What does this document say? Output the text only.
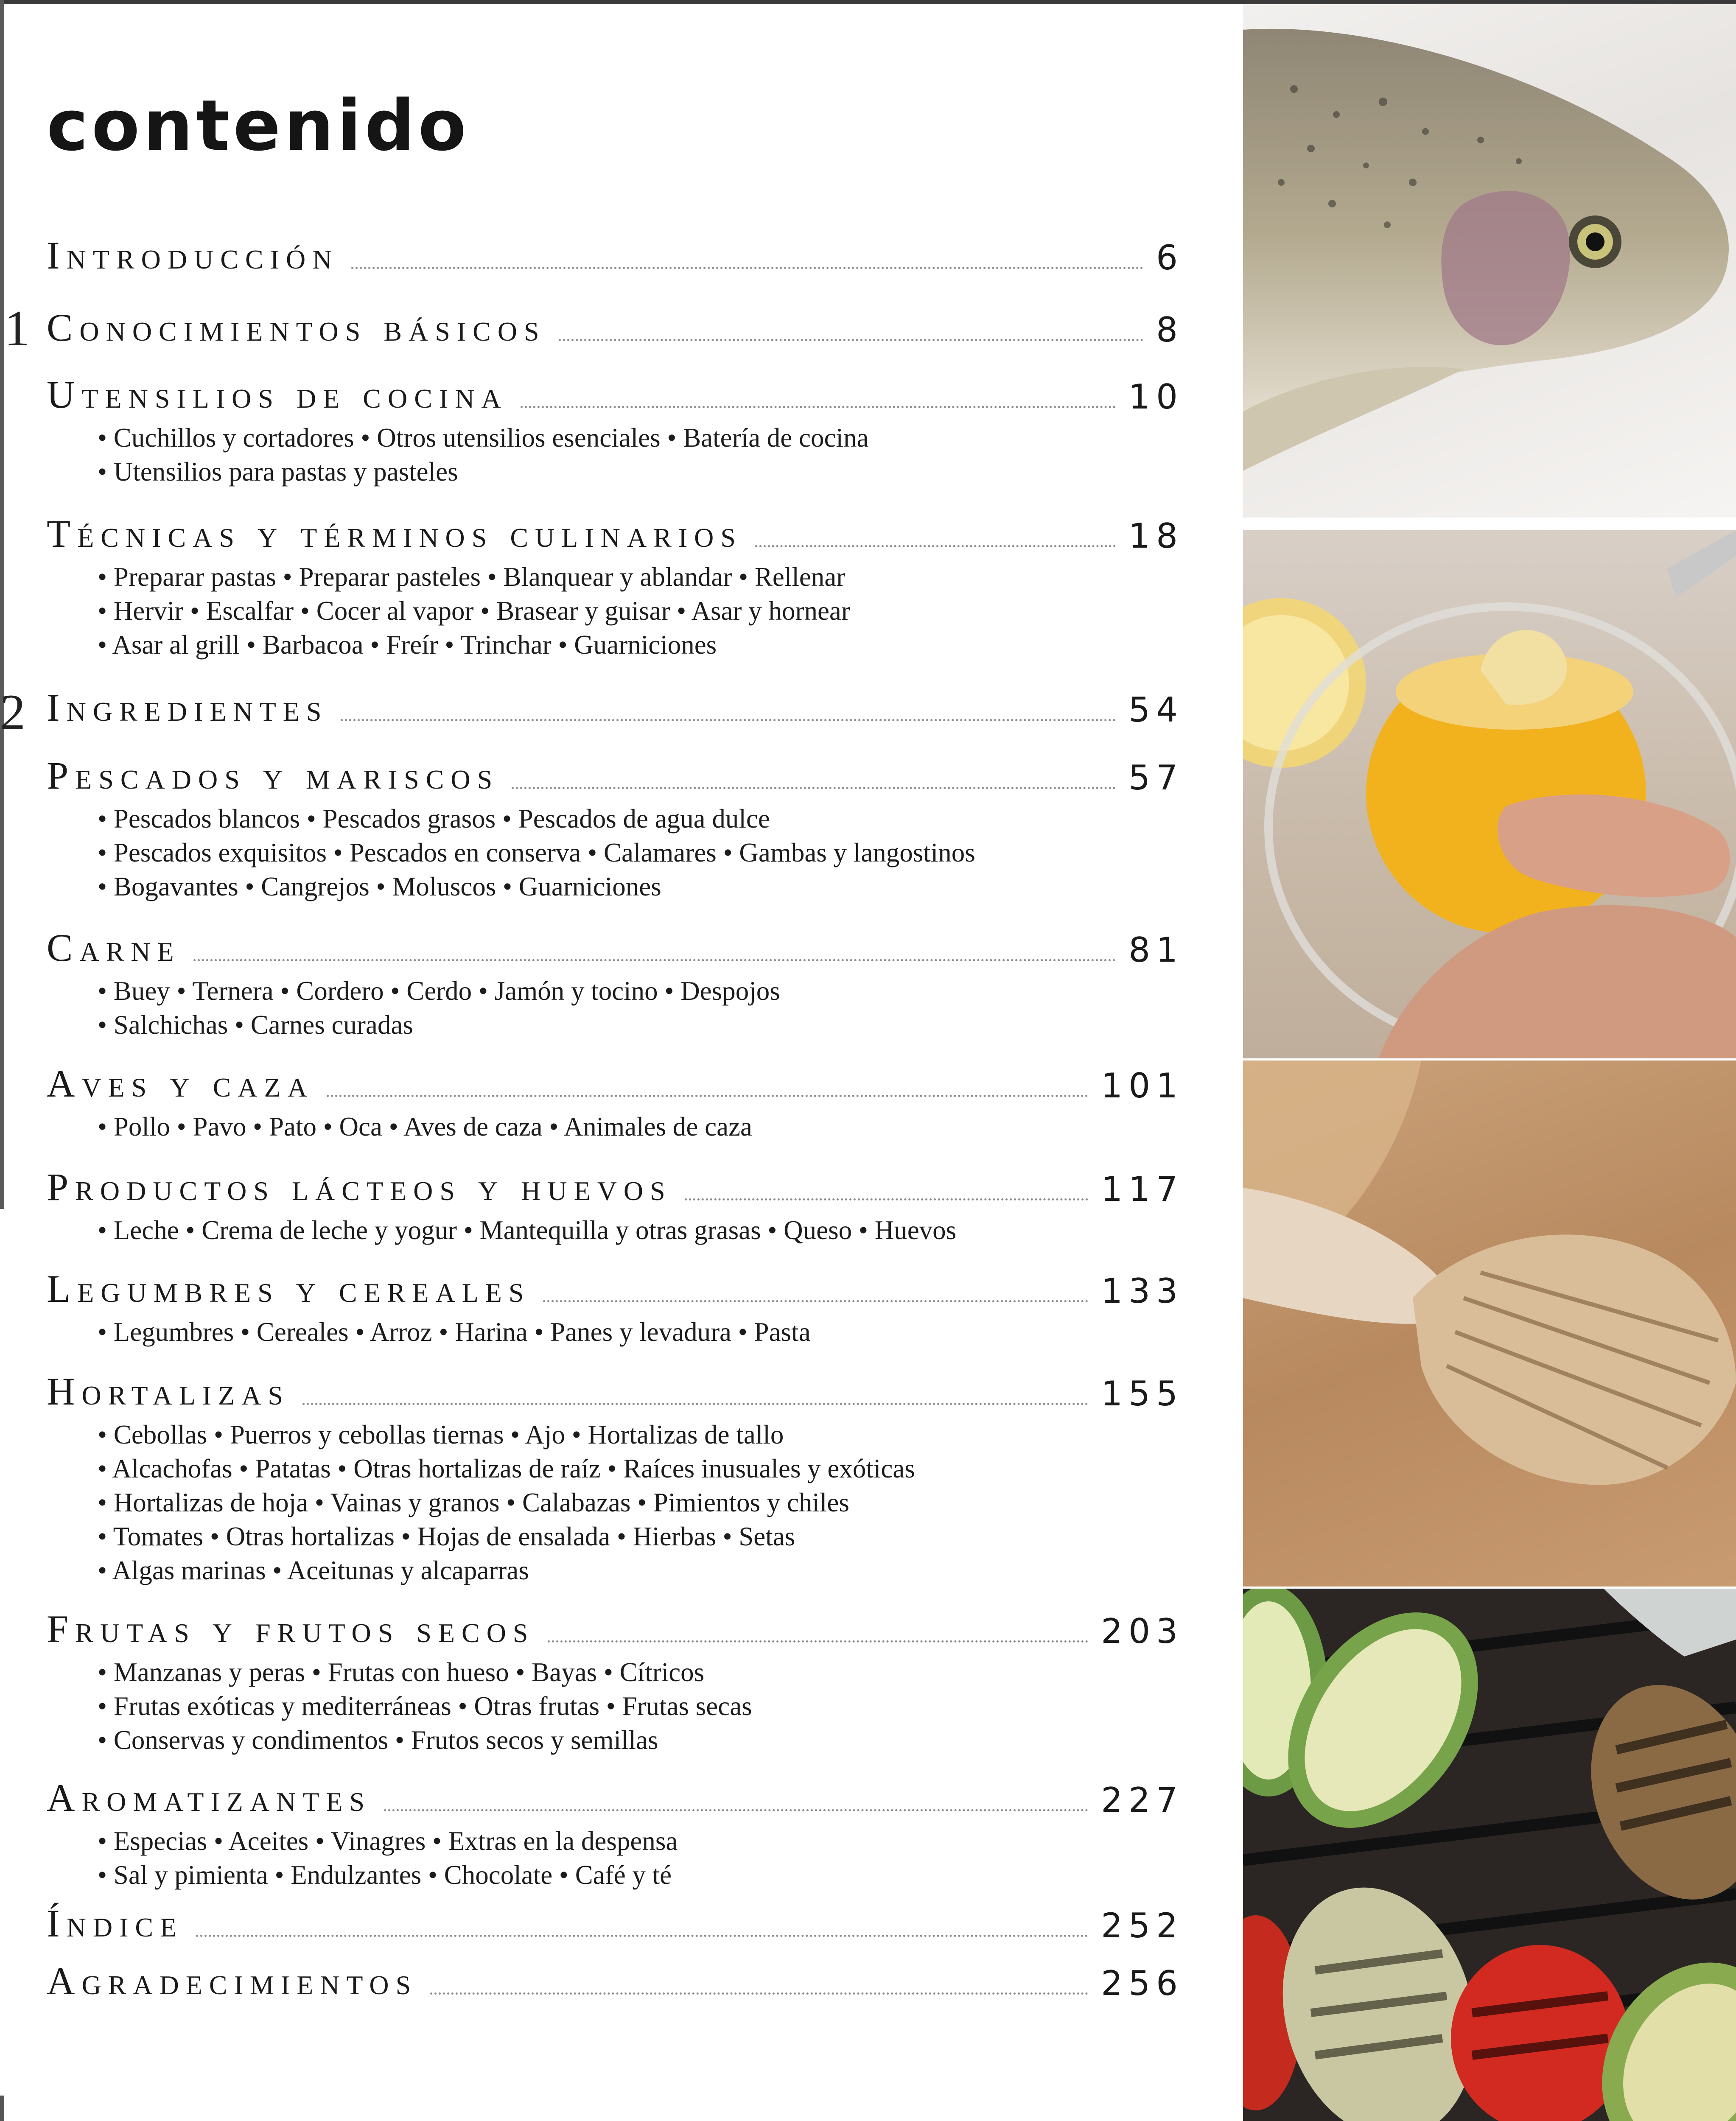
contenido
1
2
Introducción	6
Conocimientos básicos	8
Utensilios de cocina	10
• Cuchillos y cortadores • Otros utensilios esenciales • Batería de cocina
• Utensilios para pastas y pasteles
Técnicas y términos culinarios	18
• Preparar pastas • Preparar pasteles • Blanquear y ablandar • Rellenar
• Hervir • Escalfar • Cocer al vapor • Brasear y guisar • Asar y hornear
• Asar al grill • Barbacoa • Freír • Trinchar • Guarniciones
Ingredientes	54
Pescados y mariscos	57
• Pescados blancos • Pescados grasos • Pescados de agua dulce
• Pescados exquisitos • Pescados en conserva • Calamares • Gambas y langostinos
• Bogavantes • Cangrejos • Moluscos • Guarniciones
Carne	81
• Buey • Ternera • Cordero • Cerdo • Jamón y tocino • Despojos
• Salchichas • Carnes curadas
Aves y caza	101
• Pollo • Pavo • Pato • Oca • Aves de caza • Animales de caza
Productos lácteos y huevos	117
• Leche • Crema de leche y yogur • Mantequilla y otras grasas • Queso • Huevos
Legumbres y cereales	133
• Legumbres • Cereales • Arroz • Harina • Panes y levadura • Pasta
Hortalizas	155
• Cebollas • Puerros y cebollas tiernas • Ajo • Hortalizas de tallo
• Alcachofas • Patatas • Otras hortalizas de raíz • Raíces inusuales y exóticas
• Hortalizas de hoja • Vainas y granos • Calabazas • Pimientos y chiles
• Tomates • Otras hortalizas • Hojas de ensalada • Hierbas • Setas
• Algas marinas • Aceitunas y alcaparras
Frutas y frutos secos	203
• Manzanas y peras • Frutas con hueso • Bayas • Cítricos
• Frutas exóticas y mediterráneas • Otras frutas • Frutas secas
• Conservas y condimentos • Frutos secos y semillas
Aromatizantes	227
• Especias • Aceites • Vinagres • Extras en la despensa
• Sal y pimienta • Endulzantes • Chocolate • Café y té
Índice	252
Agradecimientos	256
